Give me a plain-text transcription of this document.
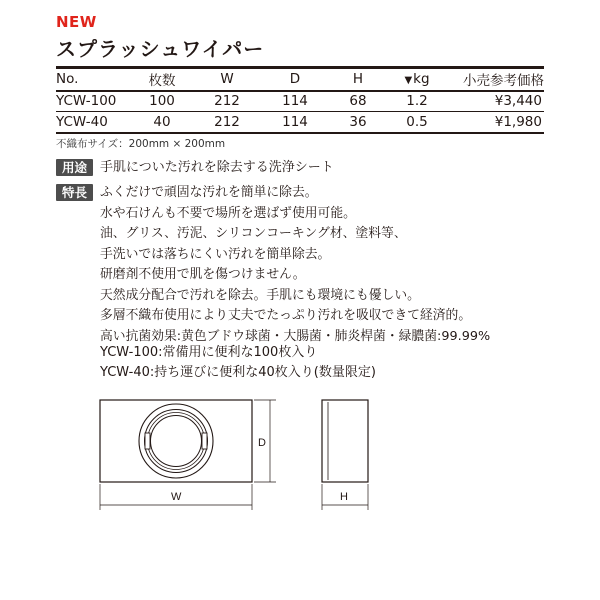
NEW
スプラッシュワイパー
No.	枚数	W	D	H	▼kg	小売参考価格
YCW-100	100	212	114	68	1.2	¥3,440
YCW-40	40	212	114	36	0.5	¥1,980
不織布サイズ：200mm × 200mm
用途 手肌についた汚れを除去する洗浄シート
特長	ふくだけで頑固な汚れを簡単に除去。
水や石けんも不要で場所を選ばず使用可能。
油、グリス、汚泥、シリコンコーキング材、塗料等、
手洗いでは落ちにくい汚れを簡単除去。
研磨剤不使用で肌を傷つけません。
天然成分配合で汚れを除去。手肌にも環境にも優しい。
多層不織布使用により丈夫でたっぷり汚れを吸収できて経済的。
高い抗菌効果:黄色ブドウ球菌・大腸菌・肺炎桿菌・緑膿菌:99.99%
YCW-100:常備用に便利な100枚入り
YCW-40:持ち運びに便利な40枚入り(数量限定)
D
W	H
